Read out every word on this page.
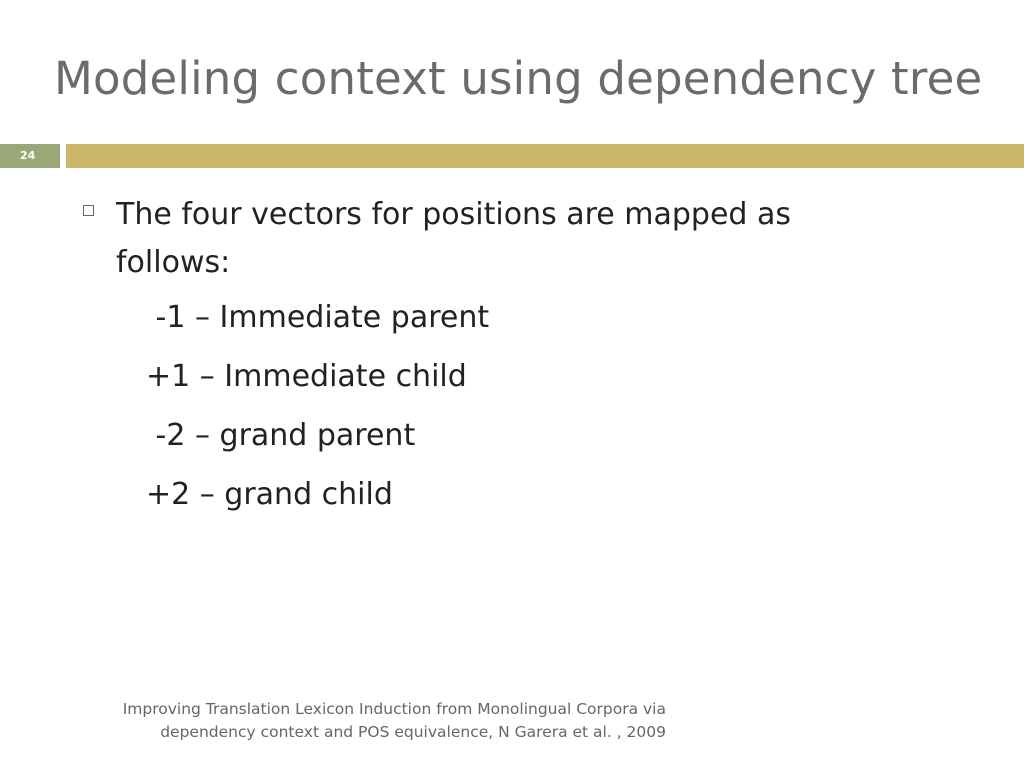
Modeling context using dependency tree
24
The four vectors for positions are mapped as follows:
-1 – Immediate parent
+1 – Immediate child
-2 – grand parent
+2 – grand child
Improving Translation Lexicon Induction from Monolingual Corpora via
dependency context and POS equivalence, N Garera et al. , 2009
